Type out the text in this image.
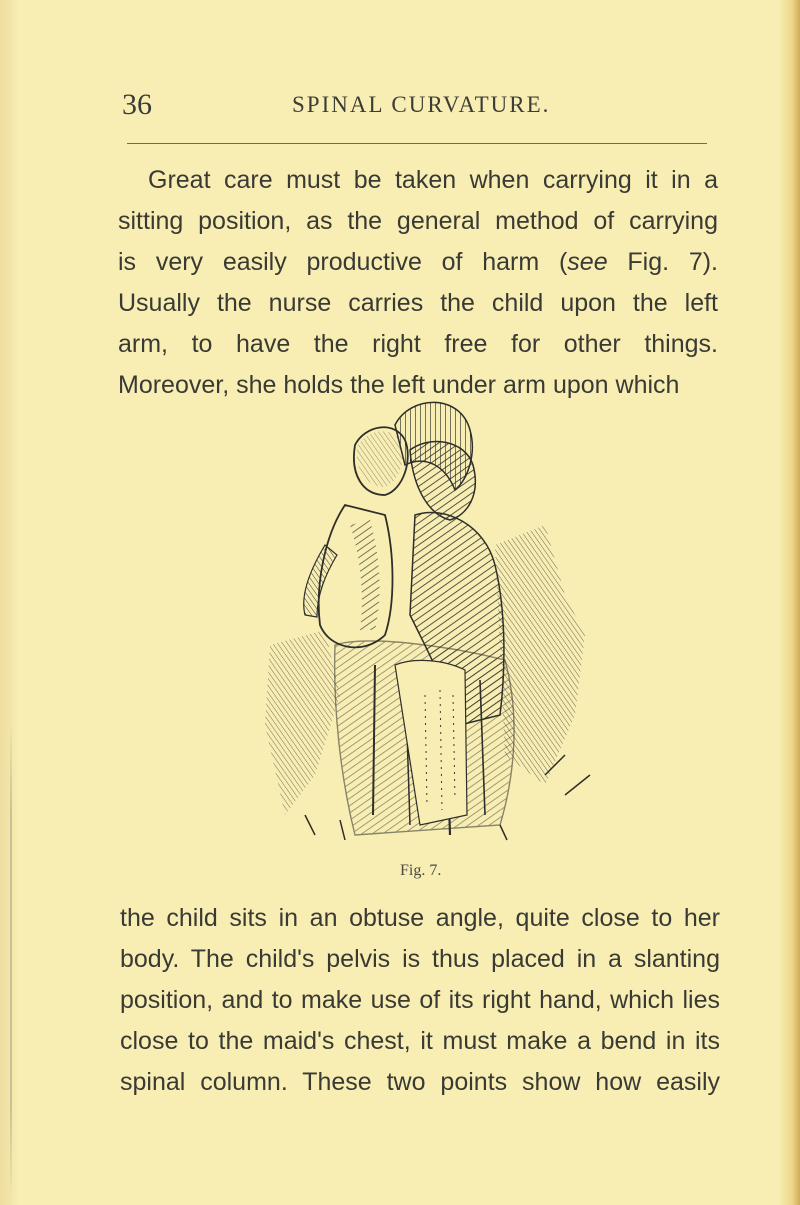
36	SPINAL CURVATURE.
Great care must be taken when carrying it in a
sitting position, as the general method of carrying
is very easily productive of harm (see Fig. 7).
Usually the nurse carries the child upon the left
arm, to have the right free for other things.
Moreover, she holds the left under arm upon which
Fig. 7.
the child sits in an obtuse angle, quite close to her
body. The child's pelvis is thus placed in a slanting
position, and to make use of its right hand, which lies
close to the maid's chest, it must make a bend in its
spinal column. These two points show how easily
